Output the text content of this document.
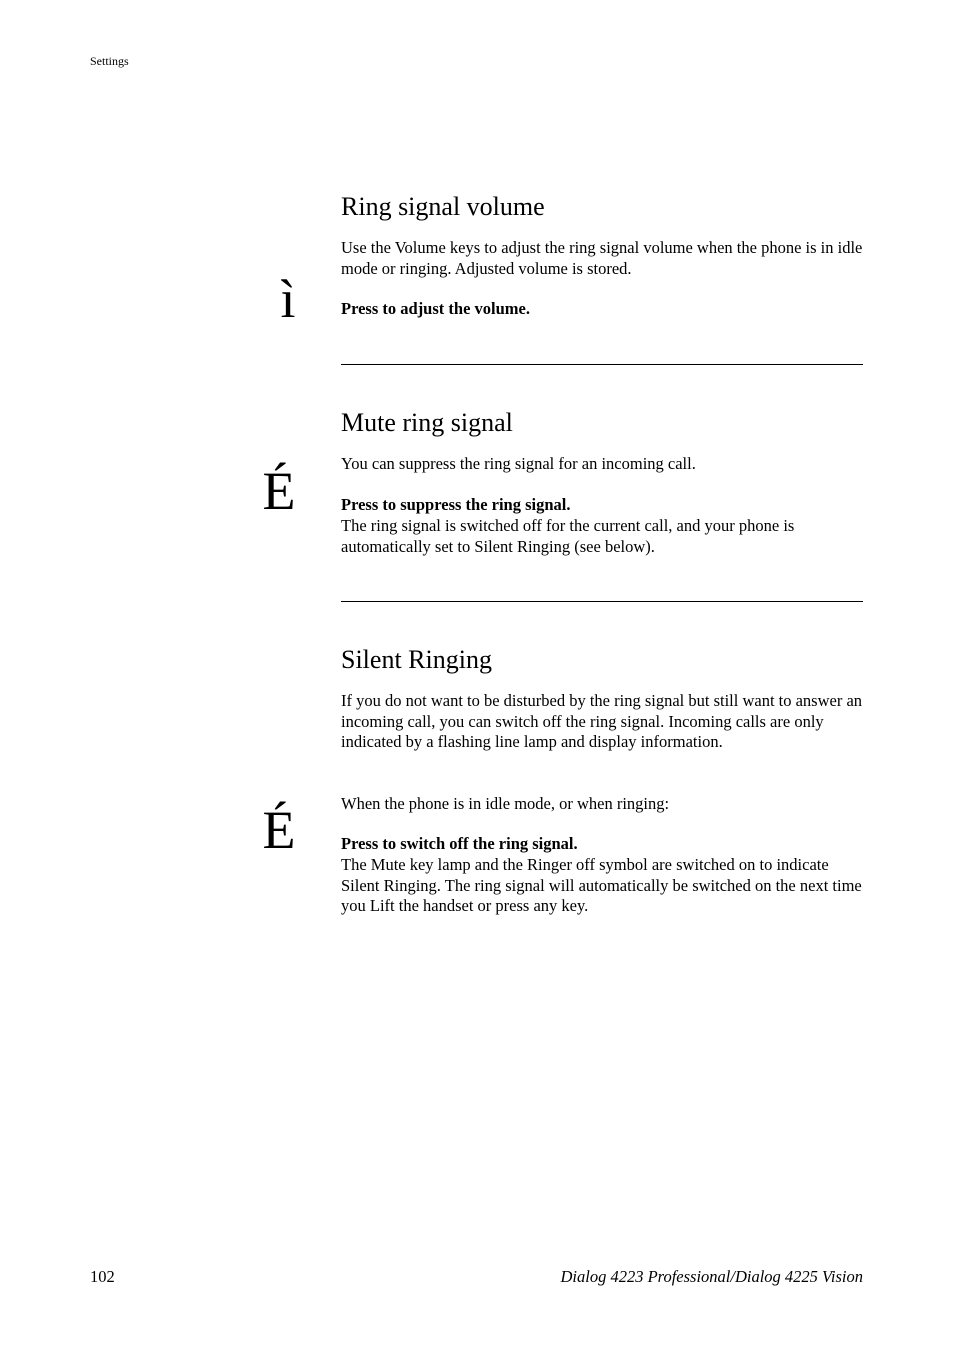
Settings
Ring signal volume

Use the Volume keys to adjust the ring signal volume when the phone is in idle mode or ringing. Adjusted volume is stored.

ì	Press to adjust the volume.

Mute ring signal

You can suppress the ring signal for an incoming call.

É	Press to suppress the ring signal.

The ring signal is switched off for the current call, and your phone is automatically set to Silent Ringing (see below).

Silent Ringing

If you do not want to be disturbed by the ring signal but still want to answer an incoming call, you can switch off the ring signal. Incoming calls are only indicated by a flashing line lamp and display information.

When the phone is in idle mode, or when ringing:

É	Press to switch off the ring signal.

The Mute key lamp and the Ringer off symbol are switched on to indicate Silent Ringing. The ring signal will automatically be switched on the next time you Lift the handset or press any key.

102	Dialog 4223 Professional/Dialog 4225 Vision
